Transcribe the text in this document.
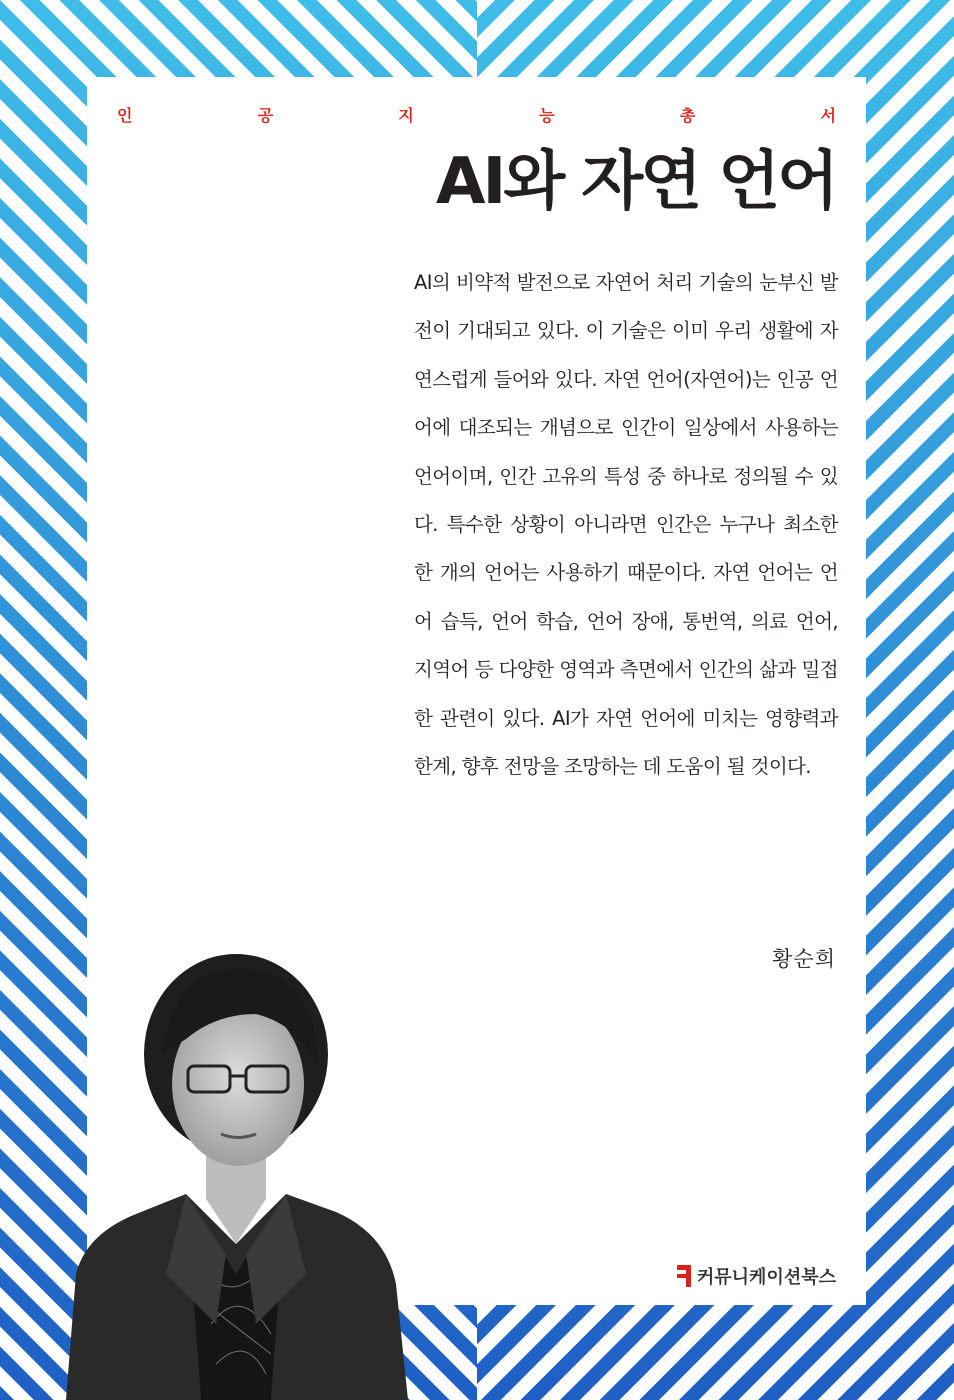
인	공	지	능	총	서
AI와 자연 언어

AI의 비약적 발전으로 자연어 처리 기술의 눈부신 발전이 기대되고 있다. 이 기술은 이미 우리 생활에 자연스럽게 들어와 있다. 자연 언어(자연어)는 인공 언어에 대조되는 개념으로 인간이 일상에서 사용하는 언어이며, 인간 고유의 특성 중 하나로 정의될 수 있다. 특수한 상황이 아니라면 인간은 누구나 최소한 한 개의 언어는 사용하기 때문이다. 자연 언어는 언어 습득, 언어 학습, 언어 장애, 통번역, 의료 언어, 지역어 등 다양한 영역과 측면에서 인간의 삶과 밀접한 관련이 있다. AI가 자연 언어에 미치는 영향력과 한계, 향후 전망을 조망하는 데 도움이 될 것이다.

황순희
커뮤니케이션북스
